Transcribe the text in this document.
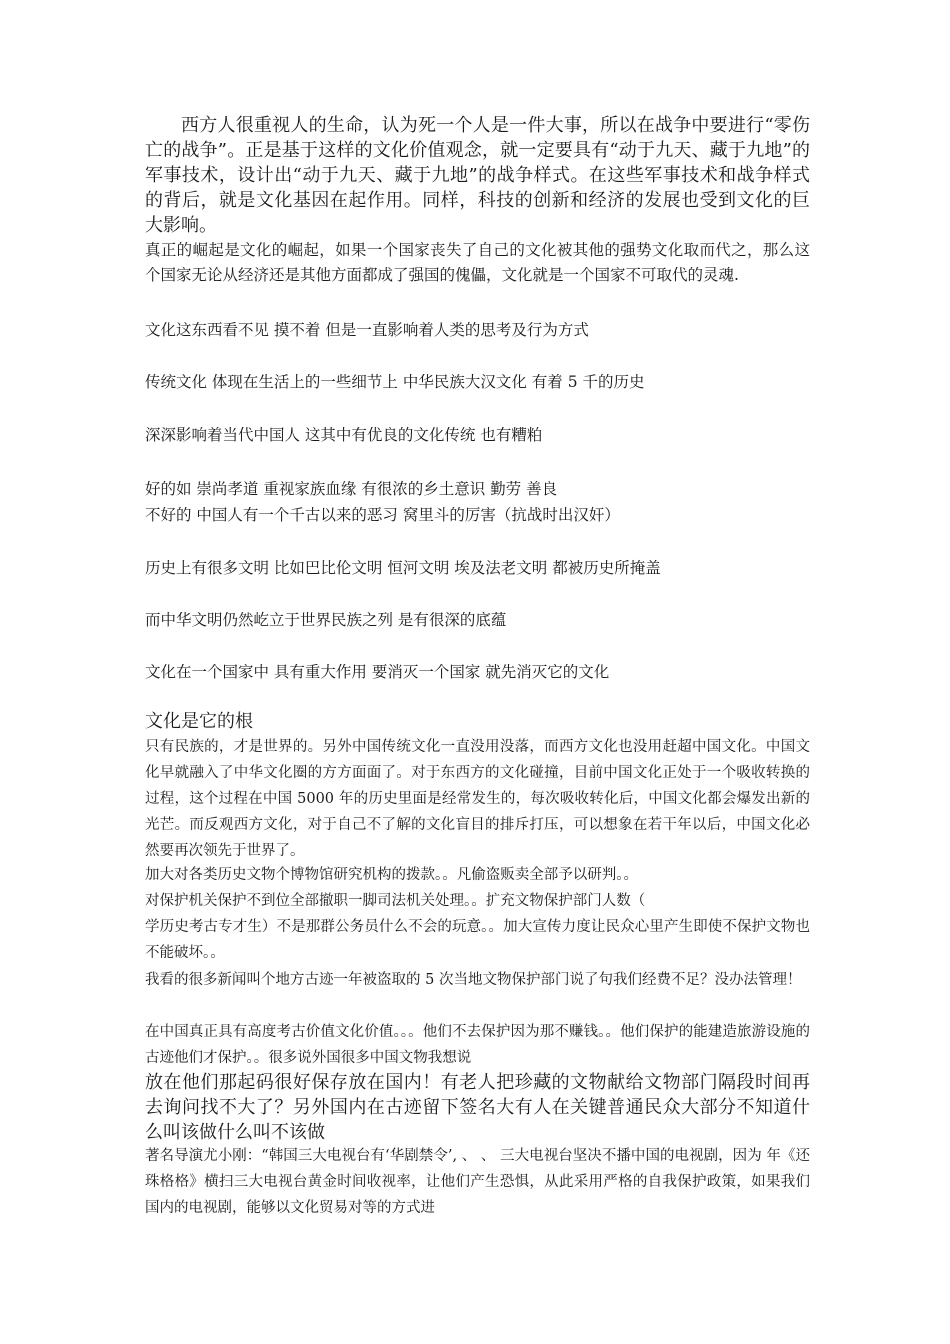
西方人很重视人的生命，认为死一个人是一件大事，所以在战争中要进行“零伤亡的战争”。正是基于这样的文化价值观念，就一定要具有“动于九天、藏于九地”的军事技术，设计出“动于九天、藏于九地”的战争样式。在这些军事技术和战争样式的背后，就是文化基因在起作用。同样，科技的创新和经济的发展也受到文化的巨大影响。

真正的崛起是文化的崛起，如果一个国家丧失了自己的文化被其他的强势文化取而代之，那么这个国家无论从经济还是其他方面都成了强国的傀儡，文化就是一个国家不可取代的灵魂.

文化这东西看不见 摸不着 但是一直影响着人类的思考及行为方式

传统文化 体现在生活上的一些细节上 中华民族大汉文化 有着 5 千的历史

深深影响着当代中国人 这其中有优良的文化传统 也有糟粕

好的如 崇尚孝道 重视家族血缘 有很浓的乡土意识 勤劳 善良

不好的 中国人有一个千古以来的恶习 窝里斗的厉害（抗战时出汉奸）

历史上有很多文明 比如巴比伦文明 恒河文明 埃及法老文明 都被历史所掩盖

而中华文明仍然屹立于世界民族之列 是有很深的底蕴

文化在一个国家中 具有重大作用 要消灭一个国家 就先消灭它的文化

文化是它的根

只有民族的，才是世界的。另外中国传统文化一直没用没落，而西方文化也没用赶超中国文化。中国文化早就融入了中华文化圈的方方面面了。对于东西方的文化碰撞，目前中国文化正处于一个吸收转换的过程，这个过程在中国 5000 年的历史里面是经常发生的，每次吸收转化后，中国文化都会爆发出新的光芒。而反观西方文化，对于自己不了解的文化盲目的排斥打压，可以想象在若干年以后，中国文化必然要再次领先于世界了。

加大对各类历史文物个博物馆研究机构的拨款。。凡偷盗贩卖全部予以研判。。

对保护机关保护不到位全部撤职一脚司法机关处理。。扩充文物保护部门人数（

学历史考古专才生）不是那群公务员什么不会的玩意。。加大宣传力度让民众心里产生即使不保护文物也不能破坏。。

我看的很多新闻叫个地方古迹一年被盗取的 5 次当地文物保护部门说了句我们经费不足？没办法管理！

在中国真正具有高度考古价值文化价值。。。他们不去保护因为那不赚钱。。他们保护的能建造旅游设施的古迹他们才保护。。很多说外国很多中国文物我想说

放在他们那起码很好保存放在国内！有老人把珍藏的文物献给文物部门隔段时间再去询问找不大了？另外国内在古迹留下签名大有人在关键普通民众大部分不知道什么叫该做什么叫不该做

著名导演尤小刚：“韩国三大电视台有‘华剧禁令’, 、 、 三大电视台坚决不播中国的电视剧，因为 年《还珠格格》横扫三大电视台黄金时间收视率，让他们产生恐惧，从此采用严格的自我保护政策，如果我们国内的电视剧，能够以文化贸易对等的方式进
